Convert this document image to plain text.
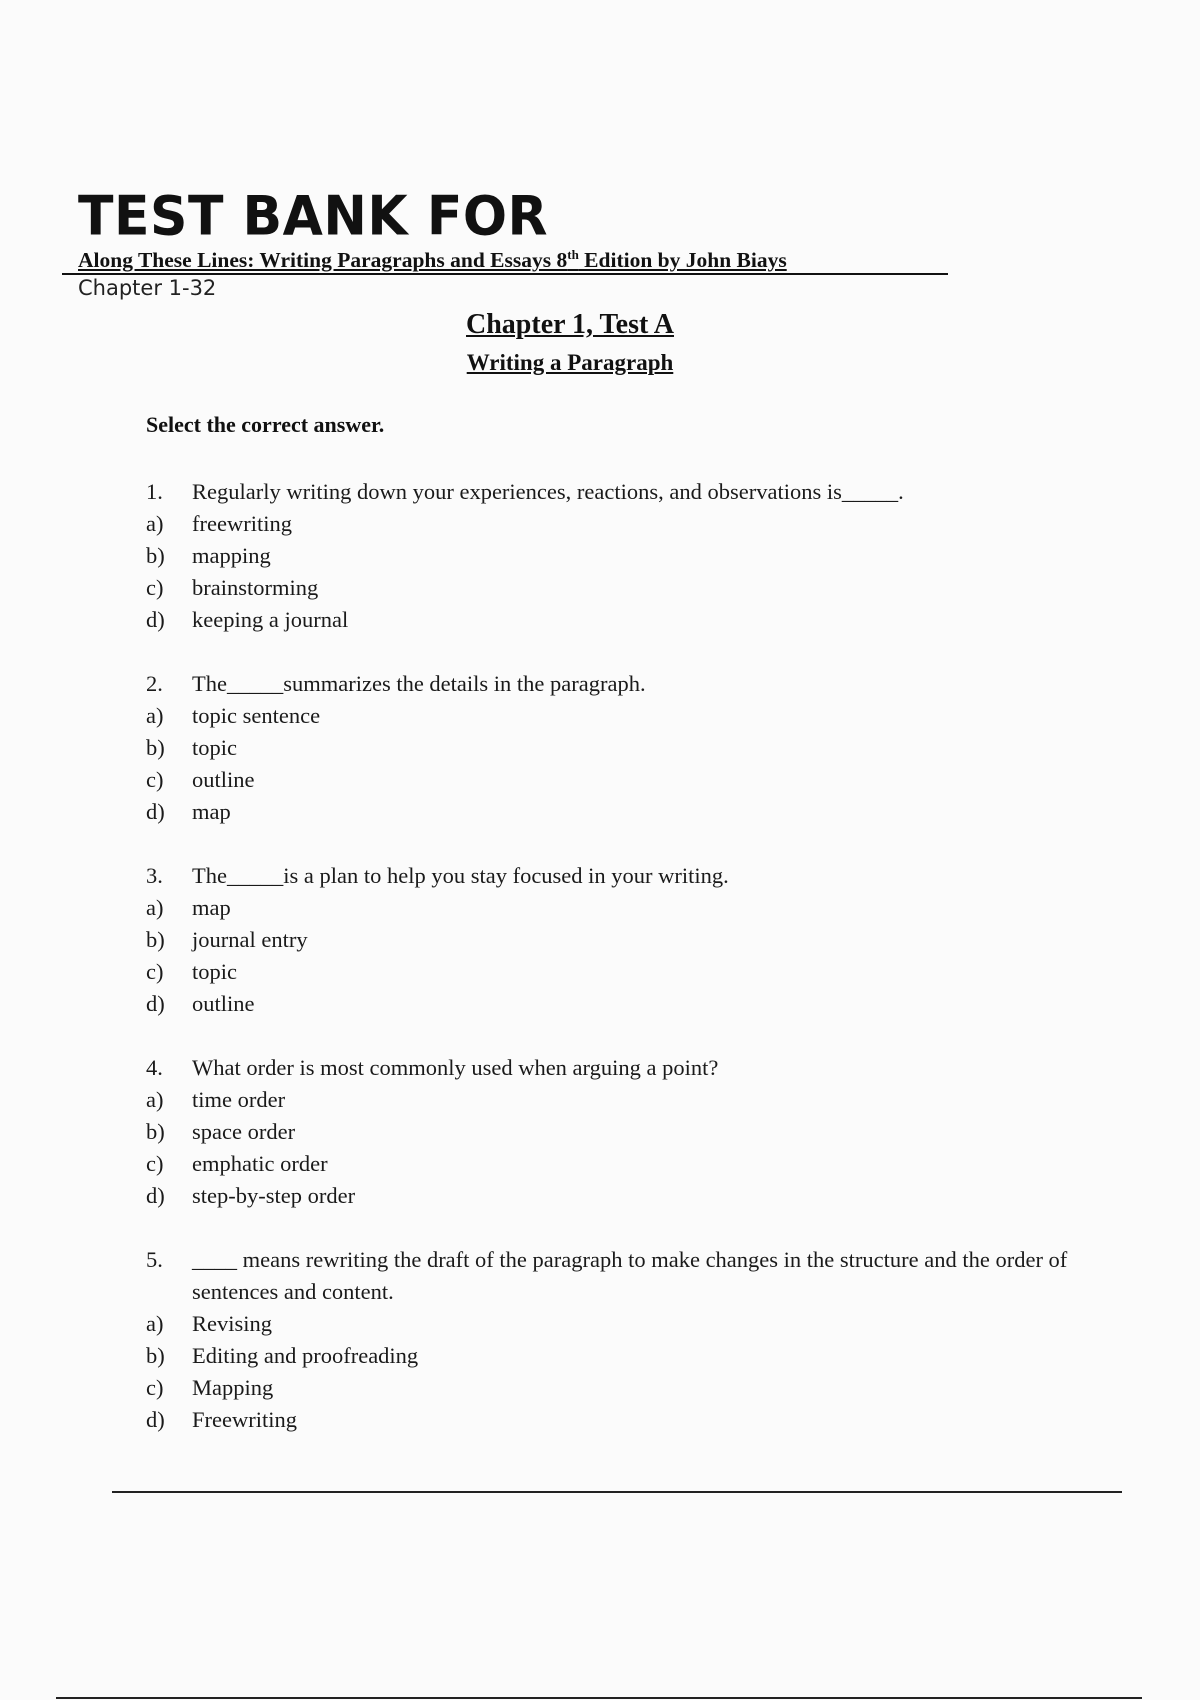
TEST BANK FOR
Along These Lines: Writing Paragraphs and Essays 8th Edition by John Biays
Chapter 1-32
Chapter 1, Test A
Writing a Paragraph
Select the correct answer.
1.	Regularly writing down your experiences, reactions, and observations is_____.
a)	freewriting
b)	mapping
c)	brainstorming
d)	keeping a journal
2.	The_____summarizes the details in the paragraph.
a)	topic sentence
b)	topic
c)	outline
d)	map
3.	The_____is a plan to help you stay focused in your writing.
a)	map
b)	journal entry
c)	topic
d)	outline
4.	What order is most commonly used when arguing a point?
a)	time order
b)	space order
c)	emphatic order
d)	step-by-step order
5.	____ means rewriting the draft of the paragraph to make changes in the structure and the order of sentences and content.
a)	Revising
b)	Editing and proofreading
c)	Mapping
d)	Freewriting
